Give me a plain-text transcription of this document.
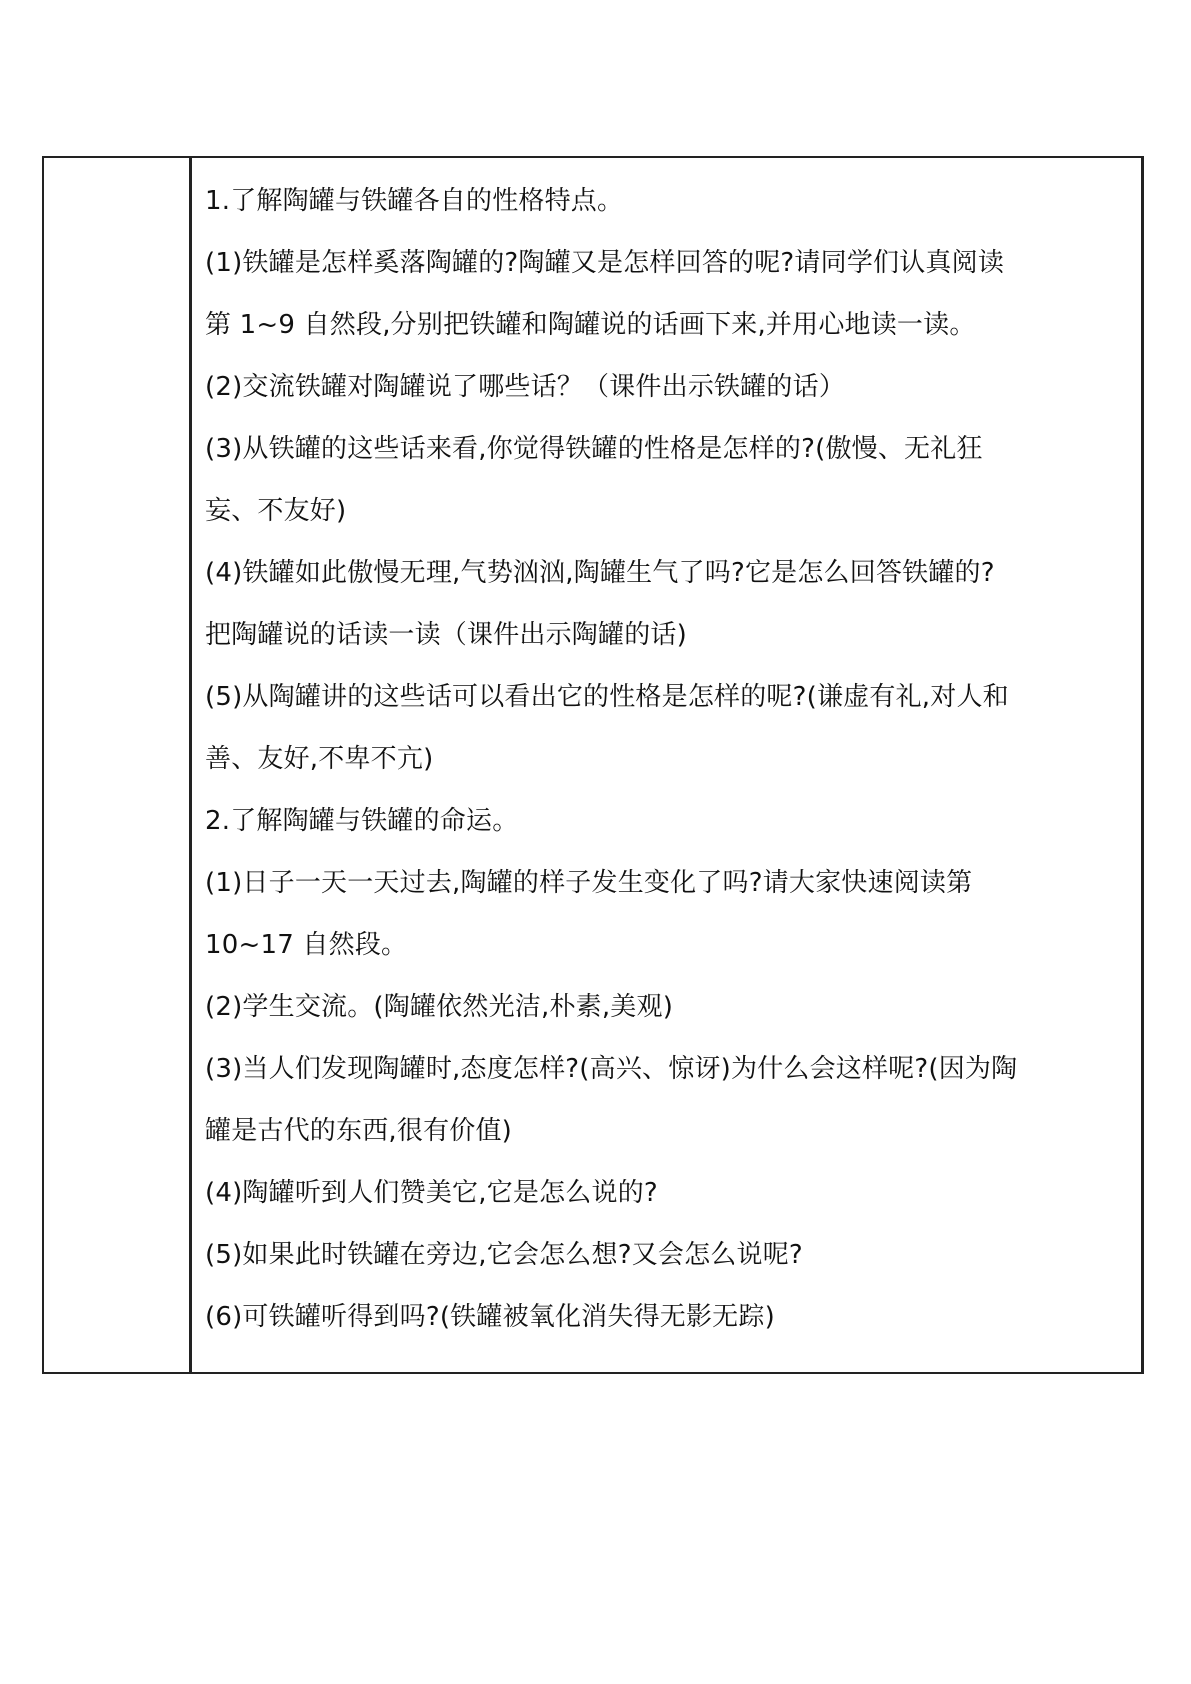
1.了解陶罐与铁罐各自的性格特点。
(1)铁罐是怎样奚落陶罐的?陶罐又是怎样回答的呢?请同学们认真阅读
第 1~9 自然段,分别把铁罐和陶罐说的话画下来,并用心地读一读。
(2)交流铁罐对陶罐说了哪些话？（课件出示铁罐的话）
(3)从铁罐的这些话来看,你觉得铁罐的性格是怎样的?(傲慢、无礼狂
妄、不友好)
(4)铁罐如此傲慢无理,气势汹汹,陶罐生气了吗?它是怎么回答铁罐的?
把陶罐说的话读一读（课件出示陶罐的话)
(5)从陶罐讲的这些话可以看出它的性格是怎样的呢?(谦虚有礼,对人和
善、友好,不卑不亢)
2.了解陶罐与铁罐的命运。
(1)日子一天一天过去,陶罐的样子发生变化了吗?请大家快速阅读第
10~17 自然段。
(2)学生交流。(陶罐依然光洁,朴素,美观)
(3)当人们发现陶罐时,态度怎样?(高兴、惊讶)为什么会这样呢?(因为陶
罐是古代的东西,很有价值)
(4)陶罐听到人们赞美它,它是怎么说的?
(5)如果此时铁罐在旁边,它会怎么想?又会怎么说呢?
(6)可铁罐听得到吗?(铁罐被氧化消失得无影无踪)
